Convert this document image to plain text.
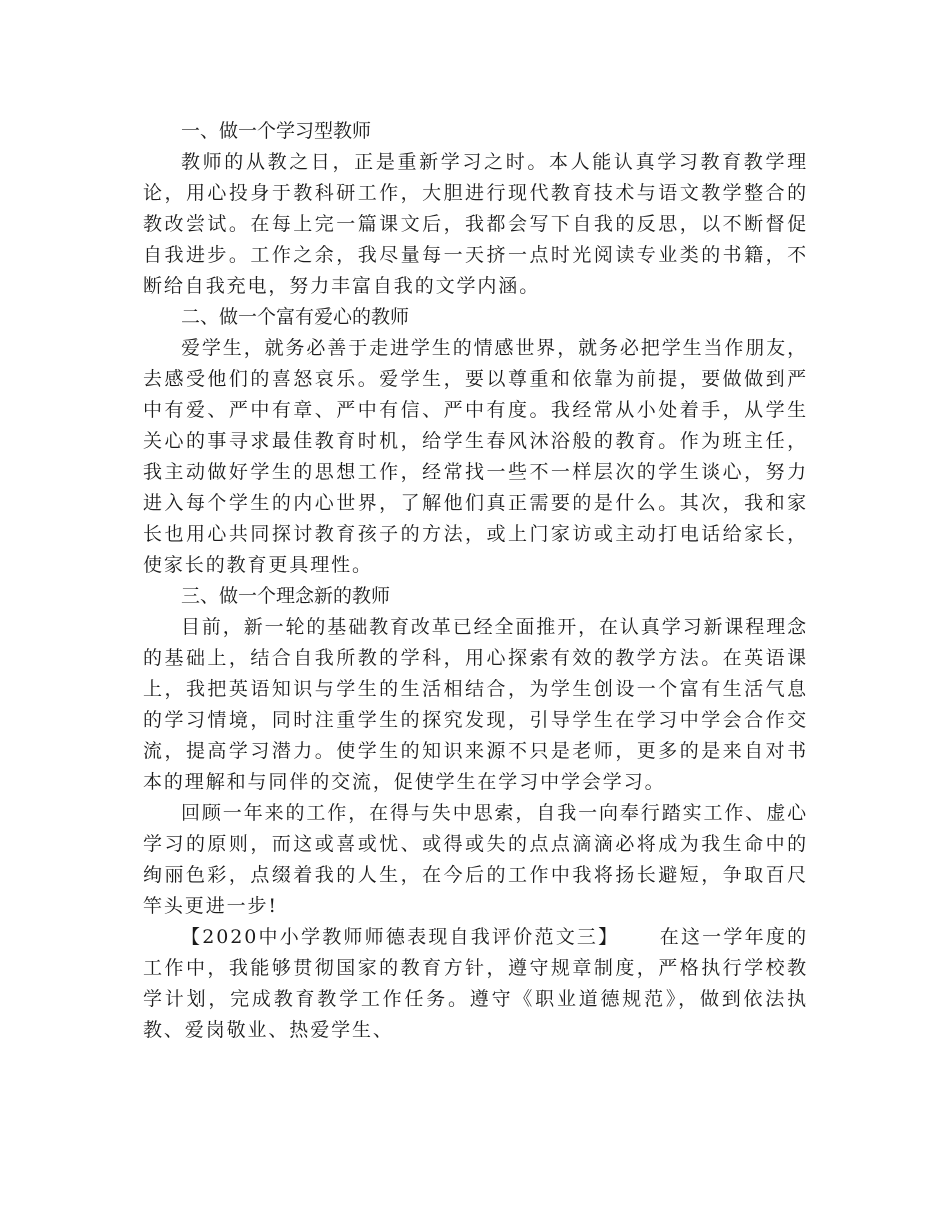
一、做一个学习型教师

教师的从教之日，正是重新学习之时。本人能认真学习教育教学理论，用心投身于教科研工作，大胆进行现代教育技术与语文教学整合的教改尝试。在每上完一篇课文后，我都会写下自我的反思，以不断督促自我进步。工作之余，我尽量每一天挤一点时光阅读专业类的书籍，不断给自我充电，努力丰富自我的文学内涵。

二、做一个富有爱心的教师

爱学生，就务必善于走进学生的情感世界，就务必把学生当作朋友，去感受他们的喜怒哀乐。爱学生，要以尊重和依靠为前提，要做做到严中有爱、严中有章、严中有信、严中有度。我经常从小处着手，从学生关心的事寻求最佳教育时机，给学生春风沐浴般的教育。作为班主任，我主动做好学生的思想工作，经常找一些不一样层次的学生谈心，努力进入每个学生的内心世界，了解他们真正需要的是什么。其次，我和家长也用心共同探讨教育孩子的方法，或上门家访或主动打电话给家长，使家长的教育更具理性。

三、做一个理念新的教师

目前，新一轮的基础教育改革已经全面推开，在认真学习新课程理念的基础上，结合自我所教的学科，用心探索有效的教学方法。在英语课上，我把英语知识与学生的生活相结合，为学生创设一个富有生活气息的学习情境，同时注重学生的探究发现，引导学生在学习中学会合作交流，提高学习潜力。使学生的知识来源不只是老师，更多的是来自对书本的理解和与同伴的交流，促使学生在学习中学会学习。

回顾一年来的工作，在得与失中思索，自我一向奉行踏实工作、虚心学习的原则，而这或喜或忧、或得或失的点点滴滴必将成为我生命中的绚丽色彩，点缀着我的人生，在今后的工作中我将扬长避短，争取百尺竿头更进一步!

【2020中小学教师师德表现自我评价范文三】 在这一学年度的工作中，我能够贯彻国家的教育方针，遵守规章制度，严格执行学校教学计划，完成教育教学工作任务。遵守《职业道德规范》，做到依法执教、爱岗敬业、热爱学生、
